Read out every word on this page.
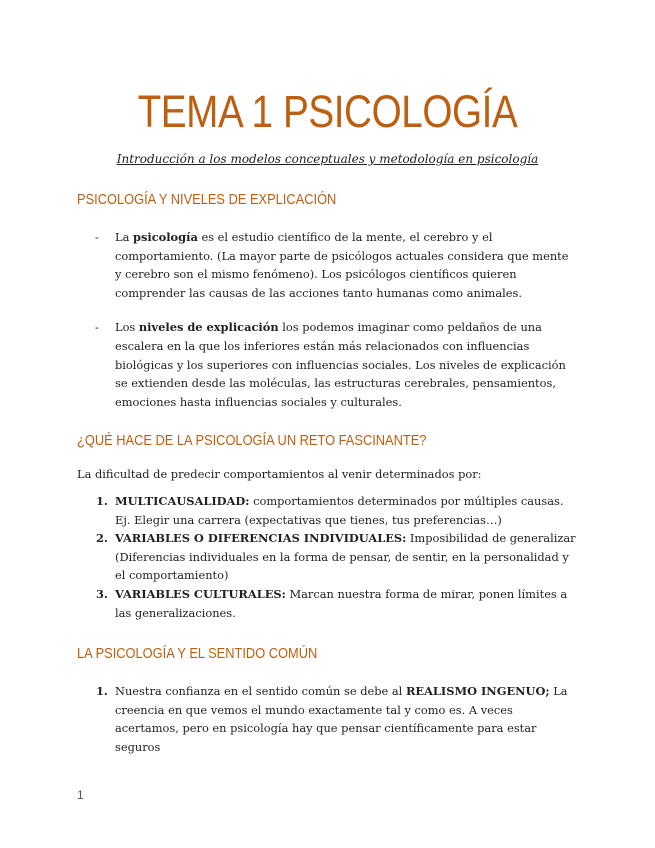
TEMA 1 PSICOLOGÍA

Introducción a los modelos conceptuales y metodología en psicología

PSICOLOGÍA Y NIVELES DE EXPLICACIÓN
- La psicología es el estudio científico de la mente, el cerebro y el comportamiento. (La mayor parte de psicólogos actuales considera que mente y cerebro son el mismo fenómeno). Los psicólogos científicos quieren comprender las causas de las acciones tanto humanas como animales.
- Los niveles de explicación los podemos imaginar como peldaños de una escalera en la que los inferiores están más relacionados con influencias biológicas y los superiores con influencias sociales. Los niveles de explicación se extienden desde las moléculas, las estructuras cerebrales, pensamientos, emociones hasta influencias sociales y culturales.
¿QUÉ HACE DE LA PSICOLOGÍA UN RETO FASCINANTE?

La dificultad de predecir comportamientos al venir determinados por:

1. MULTICAUSALIDAD: comportamientos determinados por múltiples causas. Ej. Elegir una carrera (expectativas que tienes, tus preferencias…)
2. VARIABLES O DIFERENCIAS INDIVIDUALES: Imposibilidad de generalizar (Diferencias individuales en la forma de pensar, de sentir, en la personalidad y el comportamiento)
3. VARIABLES CULTURALES: Marcan nuestra forma de mirar, ponen límites a las generalizaciones.
LA PSICOLOGÍA Y EL SENTIDO COMÚN
1. Nuestra confianza en el sentido común se debe al REALISMO INGENUO; La creencia en que vemos el mundo exactamente tal y como es. A veces acertamos, pero en psicología hay que pensar científicamente para estar seguros
1
